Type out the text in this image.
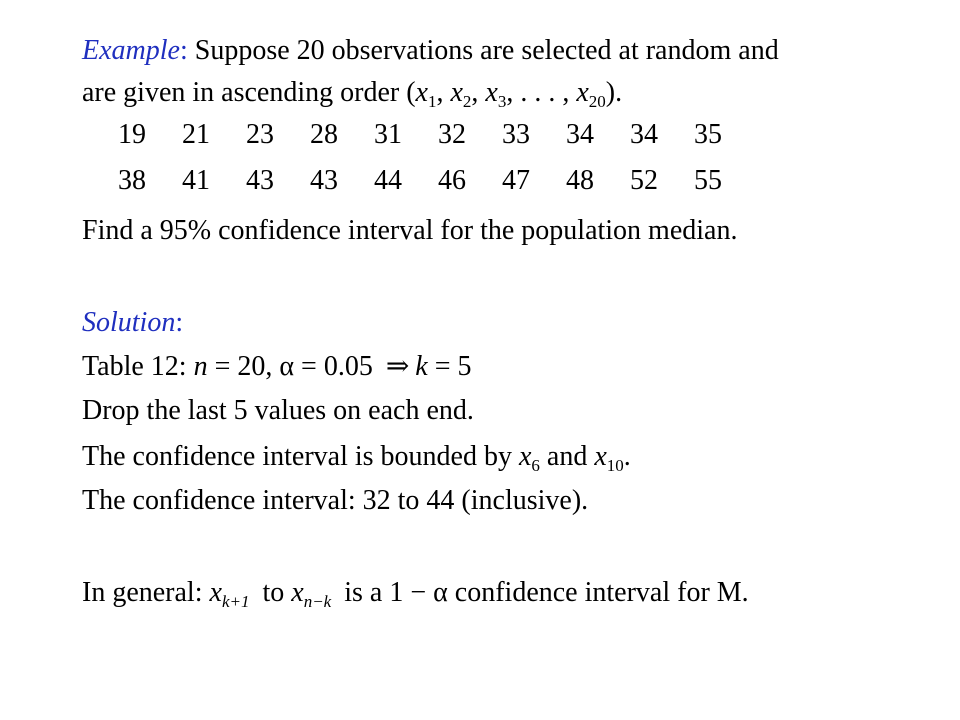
Example: Suppose 20 observations are selected at random and
are given in ascending order ($x_1$, $x_2$, $x_3$, . . . , $x_{20}$).
19	21	23	28	31	32	33	34	34	35
38	41	43	43	44	46	47	48	52	55
Find a 95% confidence interval for the population median.
Solution:
Table 12: n = 20, α = 0.05 ⇒ k = 5
Drop the last 5 values on each end.
The confidence interval is bounded by $x_6$ and $x_{10}$.
The confidence interval: 32 to 44 (inclusive).
In general: $x_{k+1}$ to $x_{n-k}$ is a 1 − α confidence interval for M.
